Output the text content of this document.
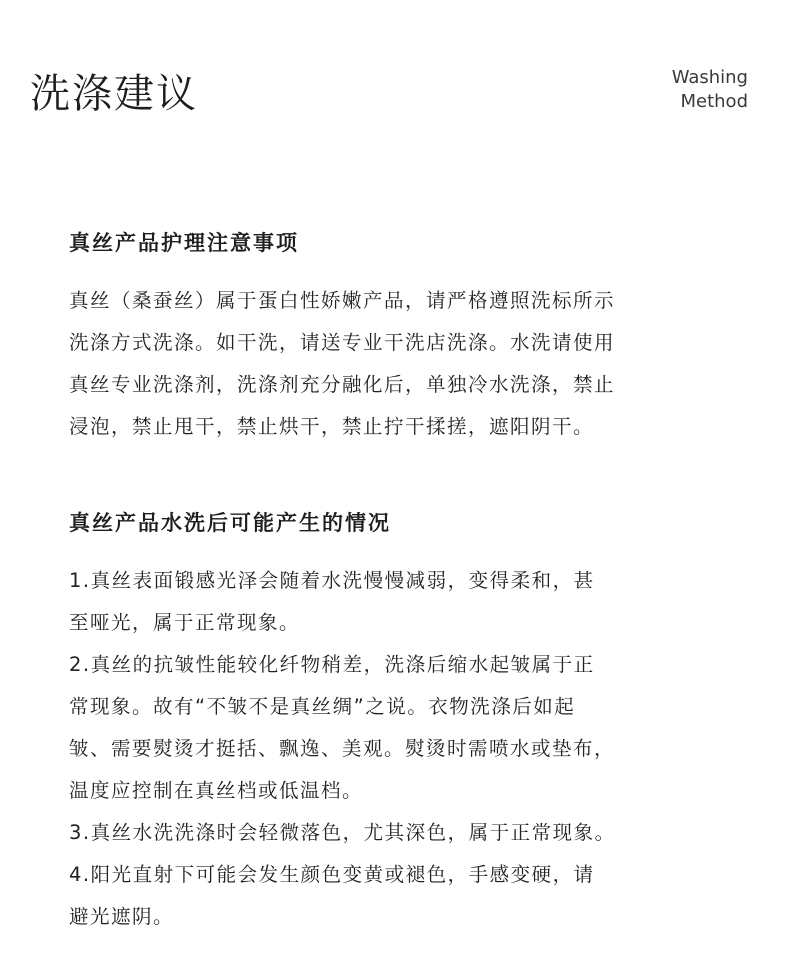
洗涤建议	Washing
Method
真丝产品护理注意事项

真丝（桑蚕丝）属于蛋白性娇嫩产品，请严格遵照洗标所示
洗涤方式洗涤。如干洗，请送专业干洗店洗涤。水洗请使用
真丝专业洗涤剂，洗涤剂充分融化后，单独冷水洗涤，禁止
浸泡，禁止甩干，禁止烘干，禁止拧干揉搓，遮阳阴干。

真丝产品水洗后可能产生的情况

1.真丝表面锻感光泽会随着水洗慢慢减弱，变得柔和，甚
至哑光，属于正常现象。
2.真丝的抗皱性能较化纤物稍差，洗涤后缩水起皱属于正
常现象。故有“不皱不是真丝绸”之说。衣物洗涤后如起
皱、需要熨烫才挺括、飘逸、美观。熨烫时需喷水或垫布，
温度应控制在真丝档或低温档。
3.真丝水洗洗涤时会轻微落色，尤其深色，属于正常现象。
4.阳光直射下可能会发生颜色变黄或褪色，手感变硬，请
避光遮阴。
